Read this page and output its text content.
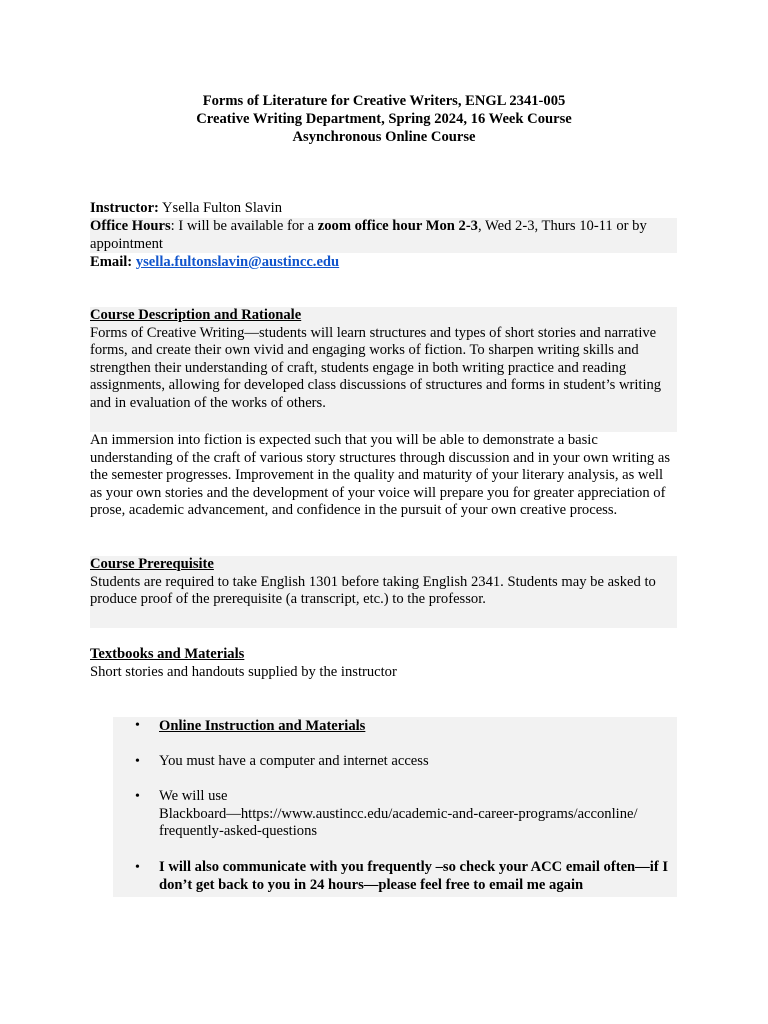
Forms of Literature for Creative Writers, ENGL 2341-005
Creative Writing Department, Spring 2024, 16 Week Course
Asynchronous Online Course
Instructor: Ysella Fulton Slavin
Office Hours: I will be available for a zoom office hour Mon 2-3, Wed 2-3, Thurs 10-11 or by appointment
Email: ysella.fultonslavin@austincc.edu

Course Description and Rationale

Forms of Creative Writing—students will learn structures and types of short stories and narrative forms, and create their own vivid and engaging works of fiction. To sharpen writing skills and strengthen their understanding of craft, students engage in both writing practice and reading assignments, allowing for developed class discussions of structures and forms in student’s writing and in evaluation of the works of others.

An immersion into fiction is expected such that you will be able to demonstrate a basic understanding of the craft of various story structures through discussion and in your own writing as the semester progresses. Improvement in the quality and maturity of your literary analysis, as well as your own stories and the development of your voice will prepare you for greater appreciation of prose, academic advancement, and confidence in the pursuit of your own creative process.

Course Prerequisite

Students are required to take English 1301 before taking English 2341. Students may be asked to produce proof of the prerequisite (a transcript, etc.) to the professor.

Textbooks and Materials

Short stories and handouts supplied by the instructor

• Online Instruction and Materials
• You must have a computer and internet access
• We will use
Blackboard—https://www.austincc.edu/academic-and-career-programs/acconline/
frequently-asked-questions
• I will also communicate with you frequently –so check your ACC email often—if I don’t get back to you in 24 hours—please feel free to email me again
